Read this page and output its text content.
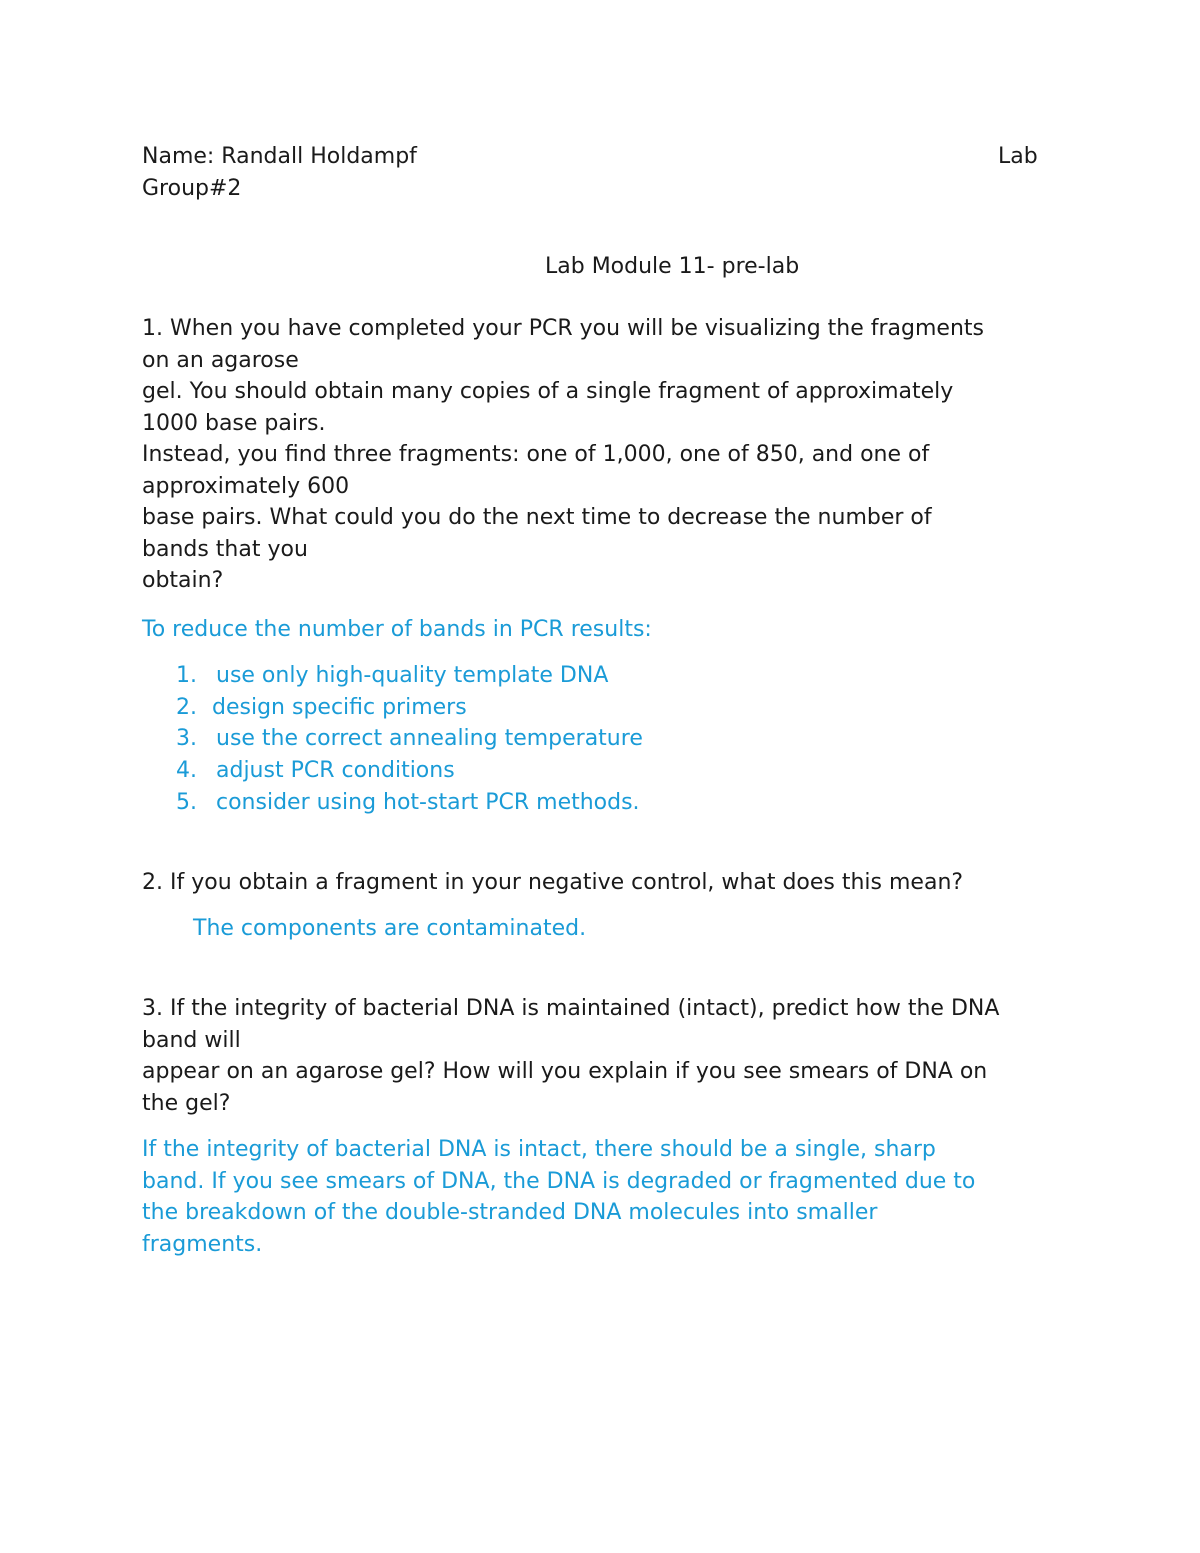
Name: Randall Holdampf	Lab
Group#2
Lab Module 11- pre-lab
1. When you have completed your PCR you will be visualizing the fragments
on an agarose
gel. You should obtain many copies of a single fragment of approximately
1000 base pairs.
Instead, you find three fragments: one of 1,000, one of 850, and one of
approximately 600
base pairs. What could you do the next time to decrease the number of
bands that you
obtain?
To reduce the number of bands in PCR results:
1. use only high-quality template DNA
2. design specific primers
3. use the correct annealing temperature
4. adjust PCR conditions
5. consider using hot-start PCR methods.
2. If you obtain a fragment in your negative control, what does this mean?
The components are contaminated.
3. If the integrity of bacterial DNA is maintained (intact), predict how the DNA
band will
appear on an agarose gel? How will you explain if you see smears of DNA on
the gel?
If the integrity of bacterial DNA is intact, there should be a single, sharp
band. If you see smears of DNA, the DNA is degraded or fragmented due to
the breakdown of the double-stranded DNA molecules into smaller
fragments.
